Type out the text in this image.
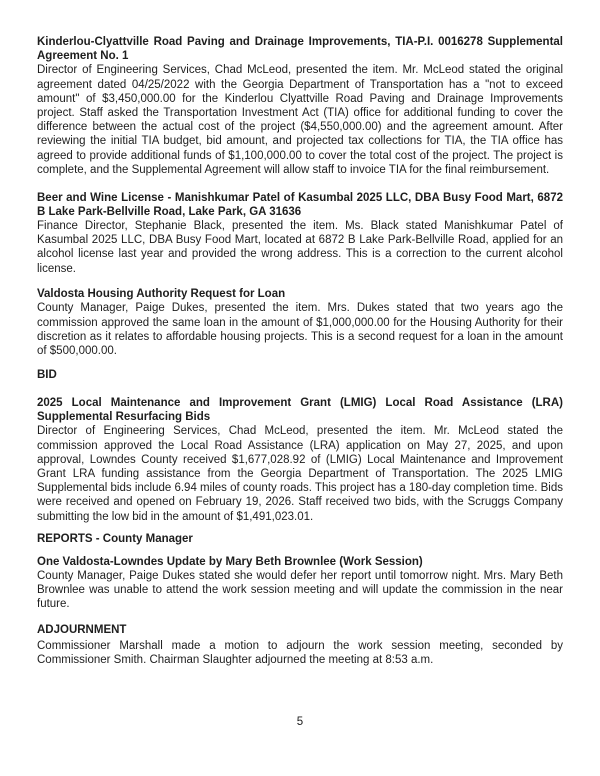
Kinderlou-Clyattville Road Paving and Drainage Improvements, TIA-P.I. 0016278 Supplemental Agreement No. 1

Director of Engineering Services, Chad McLeod, presented the item. Mr. McLeod stated the original agreement dated 04/25/2022 with the Georgia Department of Transportation has a "not to exceed amount" of $3,450,000.00 for the Kinderlou Clyattville Road Paving and Drainage Improvements project. Staff asked the Transportation Investment Act (TIA) office for additional funding to cover the difference between the actual cost of the project ($4,550,000.00) and the agreement amount. After reviewing the initial TIA budget, bid amount, and projected tax collections for TIA, the TIA office has agreed to provide additional funds of $1,100,000.00 to cover the total cost of the project. The project is complete, and the Supplemental Agreement will allow staff to invoice TIA for the final reimbursement.

Beer and Wine License - Manishkumar Patel of Kasumbal 2025 LLC, DBA Busy Food Mart, 6872 B Lake Park-Bellville Road, Lake Park, GA 31636

Finance Director, Stephanie Black, presented the item. Ms. Black stated Manishkumar Patel of Kasumbal 2025 LLC, DBA Busy Food Mart, located at 6872 B Lake Park-Bellville Road, applied for an alcohol license last year and provided the wrong address. This is a correction to the current alcohol license.

Valdosta Housing Authority Request for Loan

County Manager, Paige Dukes, presented the item. Mrs. Dukes stated that two years ago the commission approved the same loan in the amount of $1,000,000.00 for the Housing Authority for their discretion as it relates to affordable housing projects. This is a second request for a loan in the amount of $500,000.00.

BID

2025 Local Maintenance and Improvement Grant (LMIG) Local Road Assistance (LRA) Supplemental Resurfacing Bids

Director of Engineering Services, Chad McLeod, presented the item. Mr. McLeod stated the commission approved the Local Road Assistance (LRA) application on May 27, 2025, and upon approval, Lowndes County received $1,677,028.92 of (LMIG) Local Maintenance and Improvement Grant LRA funding assistance from the Georgia Department of Transportation. The 2025 LMIG Supplemental bids include 6.94 miles of county roads. This project has a 180-day completion time. Bids were received and opened on February 19, 2026. Staff received two bids, with the Scruggs Company submitting the low bid in the amount of $1,491,023.01.

REPORTS - County Manager

One Valdosta-Lowndes Update by Mary Beth Brownlee (Work Session)

County Manager, Paige Dukes stated she would defer her report until tomorrow night. Mrs. Mary Beth Brownlee was unable to attend the work session meeting and will update the commission in the near future.

ADJOURNMENT

Commissioner Marshall made a motion to adjourn the work session meeting, seconded by Commissioner Smith. Chairman Slaughter adjourned the meeting at 8:53 a.m.

5
